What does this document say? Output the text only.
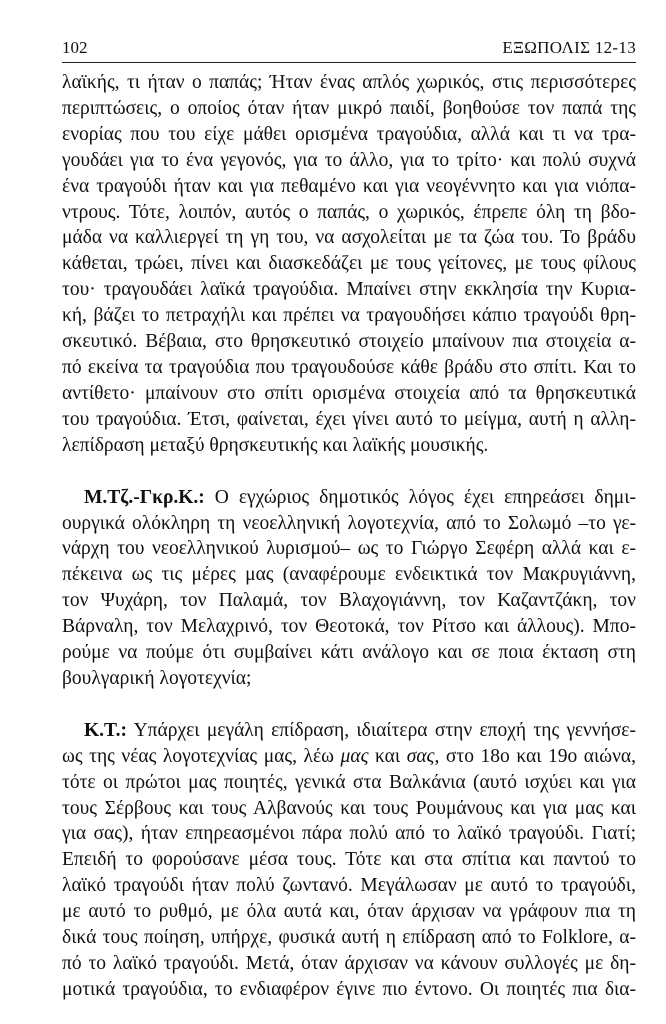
102	ΕΞΩΠΟΛΙΣ 12-13

λαϊκής, τι ήταν ο παπάς; Ήταν ένας απλός χωρικός, στις περισσότερες

περιπτώσεις, ο οποίος όταν ήταν μικρό παιδί, βοηθούσε τον παπά της

ενορίας που του είχε μάθει ορισμένα τραγούδια, αλλά και τι να τρα-

γουδάει για το ένα γεγονός, για το άλλο, για το τρίτο· και πολύ συχνά

ένα τραγούδι ήταν και για πεθαμένο και για νεογέννητο και για νιόπα-

ντρους. Τότε, λοιπόν, αυτός ο παπάς, ο χωρικός, έπρεπε όλη τη βδο-

μάδα να καλλιεργεί τη γη του, να ασχολείται με τα ζώα του. Το βράδυ

κάθεται, τρώει, πίνει και διασκεδάζει με τους γείτονες, με τους φίλους

του· τραγουδάει λαϊκά τραγούδια. Μπαίνει στην εκκλησία την Κυρια-

κή, βάζει το πετραχήλι και πρέπει να τραγουδήσει κάπιο τραγούδι θρη-

σκευτικό. Βέβαια, στο θρησκευτικό στοιχείο μπαίνουν πια στοιχεία α-

πό εκείνα τα τραγούδια που τραγουδούσε κάθε βράδυ στο σπίτι. Και το

αντίθετο· μπαίνουν στο σπίτι ορισμένα στοιχεία από τα θρησκευτικά

του τραγούδια. Έτσι, φαίνεται, έχει γίνει αυτό το μείγμα, αυτή η αλλη-

λεπίδραση μεταξύ θρησκευτικής και λαϊκής μουσικής.

Μ.Τζ.-Γκρ.Κ.: Ο εγχώριος δημοτικός λόγος έχει επηρεάσει δημι-

ουργικά ολόκληρη τη νεοελληνική λογοτεχνία, από το Σολωμό –το γε-

νάρχη του νεοελληνικού λυρισμού– ως το Γιώργο Σεφέρη αλλά και ε-

πέκεινα ως τις μέρες μας (αναφέρουμε ενδεικτικά τον Μακρυγιάννη,

τον Ψυχάρη, τον Παλαμά, τον Βλαχογιάννη, τον Καζαντζάκη, τον

Βάρναλη, τον Μελαχρινό, τον Θεοτοκά, τον Ρίτσο και άλλους). Μπο-

ρούμε να πούμε ότι συμβαίνει κάτι ανάλογο και σε ποια έκταση στη

βουλγαρική λογοτεχνία;

Κ.Τ.: Υπάρχει μεγάλη επίδραση, ιδιαίτερα στην εποχή της γεννήσε-

ως της νέας λογοτεχνίας μας, λέω μας και σας, στο 18ο και 19ο αιώνα,

τότε οι πρώτοι μας ποιητές, γενικά στα Βαλκάνια (αυτό ισχύει και για

τους Σέρβους και τους Αλβανούς και τους Ρουμάνους και για μας και

για σας), ήταν επηρεασμένοι πάρα πολύ από το λαϊκό τραγούδι. Γιατί;

Επειδή το φορούσανε μέσα τους. Τότε και στα σπίτια και παντού το

λαϊκό τραγούδι ήταν πολύ ζωντανό. Μεγάλωσαν με αυτό το τραγούδι,

με αυτό το ρυθμό, με όλα αυτά και, όταν άρχισαν να γράφουν πια τη

δικά τους ποίηση, υπήρχε, φυσικά αυτή η επίδραση από το Folklore, α-

πό το λαϊκό τραγούδι. Μετά, όταν άρχισαν να κάνουν συλλογές με δη-

μοτικά τραγούδια, το ενδιαφέρον έγινε πιο έντονο. Οι ποιητές πια δια-
